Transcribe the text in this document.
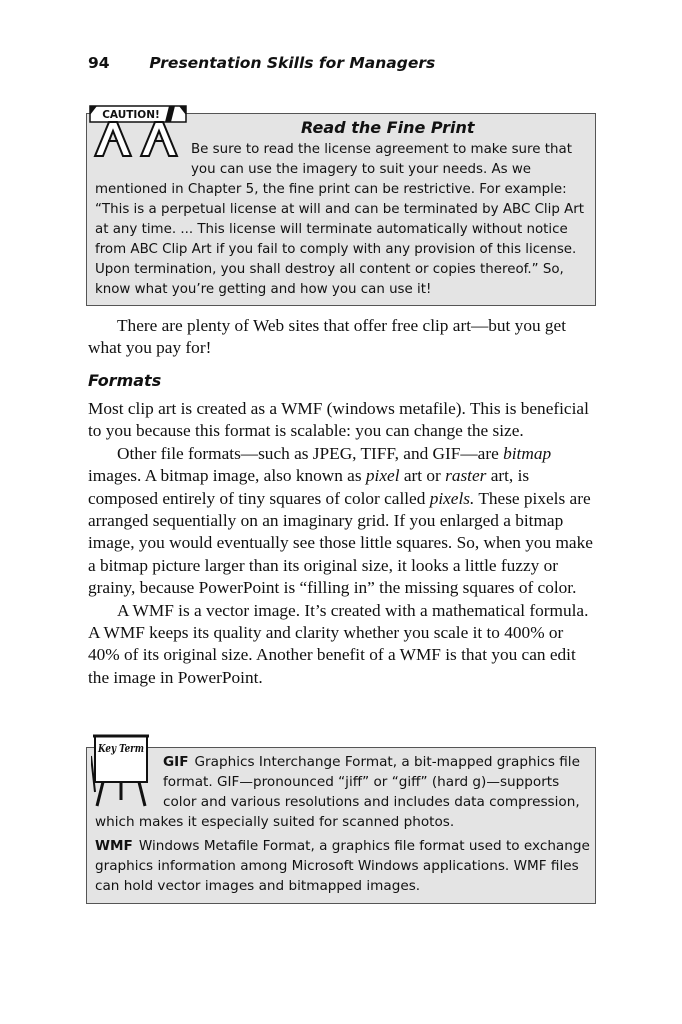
94	Presentation Skills for Managers
CAUTION!
Read the Fine Print
Be sure to read the license agreement to make sure that you can use the imagery to suit your needs. As we mentioned in Chapter 5, the fine print can be restrictive. For example: “This is a perpetual license at will and can be terminated by ABC Clip Art at any time. ... This license will terminate automatically without notice from ABC Clip Art if you fail to comply with any provision of this license. Upon termination, you shall destroy all content or copies thereof.” So, know what you’re getting and how you can use it!

There are plenty of Web sites that offer free clip art—but you get what you pay for!

Formats

Most clip art is created as a WMF (windows metafile). This is beneficial to you because this format is scalable: you can change the size.

Other file formats—such as JPEG, TIFF, and GIF—are bitmap images. A bitmap image, also known as pixel art or raster art, is composed entirely of tiny squares of color called pixels. These pixels are arranged sequentially on an imaginary grid. If you enlarged a bitmap image, you would eventually see those little squares. So, when you make a bitmap picture larger than its original size, it looks a little fuzzy or grainy, because PowerPoint is “filling in” the missing squares of color.

A WMF is a vector image. It’s created with a mathematical formula. A WMF keeps its quality and clarity whether you scale it to 400% or 40% of its original size. Another benefit of a WMF is that you can edit the image in PowerPoint.

Key Term
GIF Graphics Interchange Format, a bit-mapped graphics file format. GIF—pronounced “jiff” or “giff” (hard g)—supports color and various resolutions and includes data compression, which makes it especially suited for scanned photos.
WMF Windows Metafile Format, a graphics file format used to exchange graphics information among Microsoft Windows applications. WMF files can hold vector images and bitmapped images.
